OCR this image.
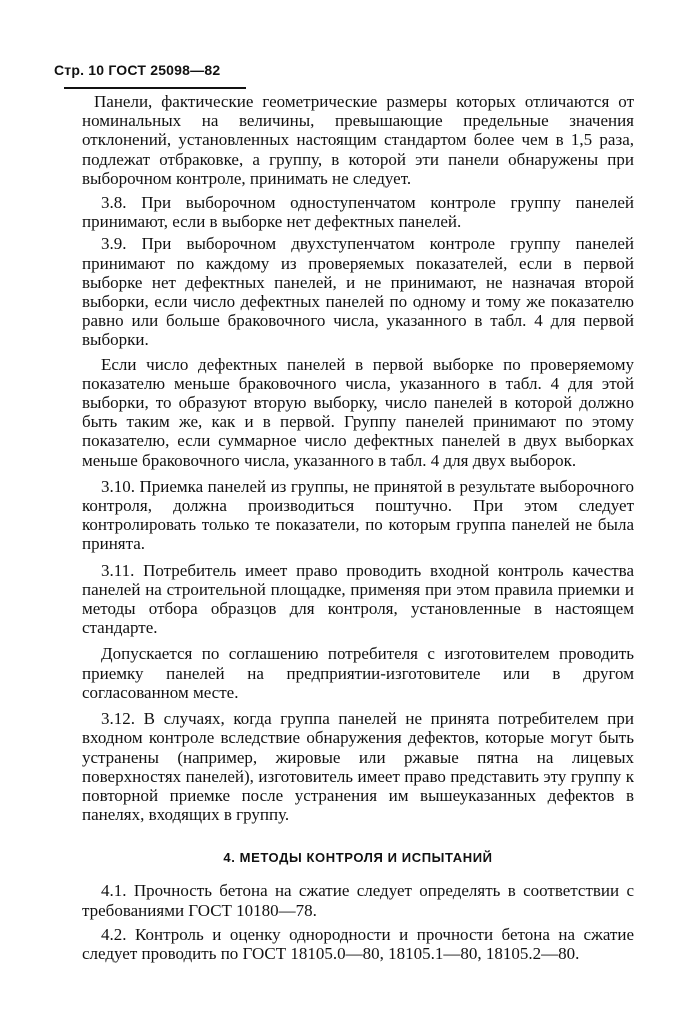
Стр. 10 ГОСТ 25098—82

Панели, фактические геометрические размеры которых отличаются от номинальных на величины, превышающие предельные значения отклонений, установленных настоящим стандартом более чем в 1,5 раза, подлежат отбраковке, а группу, в которой эти панели обнаружены при выборочном контроле, принимать не следует.

3.8. При выборочном одноступенчатом контроле группу панелей принимают, если в выборке нет дефектных панелей.

3.9. При выборочном двухступенчатом контроле группу панелей принимают по каждому из проверяемых показателей, если в первой выборке нет дефектных панелей, и не принимают, не назначая второй выборки, если число дефектных панелей по одному и тому же показателю равно или больше браковочного числа, указанного в табл. 4 для первой выборки.

Если число дефектных панелей в первой выборке по проверяемому показателю меньше браковочного числа, указанного в табл. 4 для этой выборки, то образуют вторую выборку, число панелей в которой должно быть таким же, как и в первой. Группу панелей принимают по этому показателю, если суммарное число дефектных панелей в двух выборках меньше браковочного числа, указанного в табл. 4 для двух выборок.

3.10. Приемка панелей из группы, не принятой в результате выборочного контроля, должна производиться поштучно. При этом следует контролировать только те показатели, по которым группа панелей не была принята.

3.11. Потребитель имеет право проводить входной контроль качества панелей на строительной площадке, применяя при этом правила приемки и методы отбора образцов для контроля, установленные в настоящем стандарте.

Допускается по соглашению потребителя с изготовителем проводить приемку панелей на предприятии-изготовителе или в другом согласованном месте.

3.12. В случаях, когда группа панелей не принята потребителем при входном контроле вследствие обнаружения дефектов, которые могут быть устранены (например, жировые или ржавые пятна на лицевых поверхностях панелей), изготовитель имеет право представить эту группу к повторной приемке после устранения им вышеуказанных дефектов в панелях, входящих в группу.

4. МЕТОДЫ КОНТРОЛЯ И ИСПЫТАНИЙ

4.1. Прочность бетона на сжатие следует определять в соответствии с требованиями ГОСТ 10180—78.

4.2. Контроль и оценку однородности и прочности бетона на сжатие следует проводить по ГОСТ 18105.0—80, 18105.1—80, 18105.2—80.
